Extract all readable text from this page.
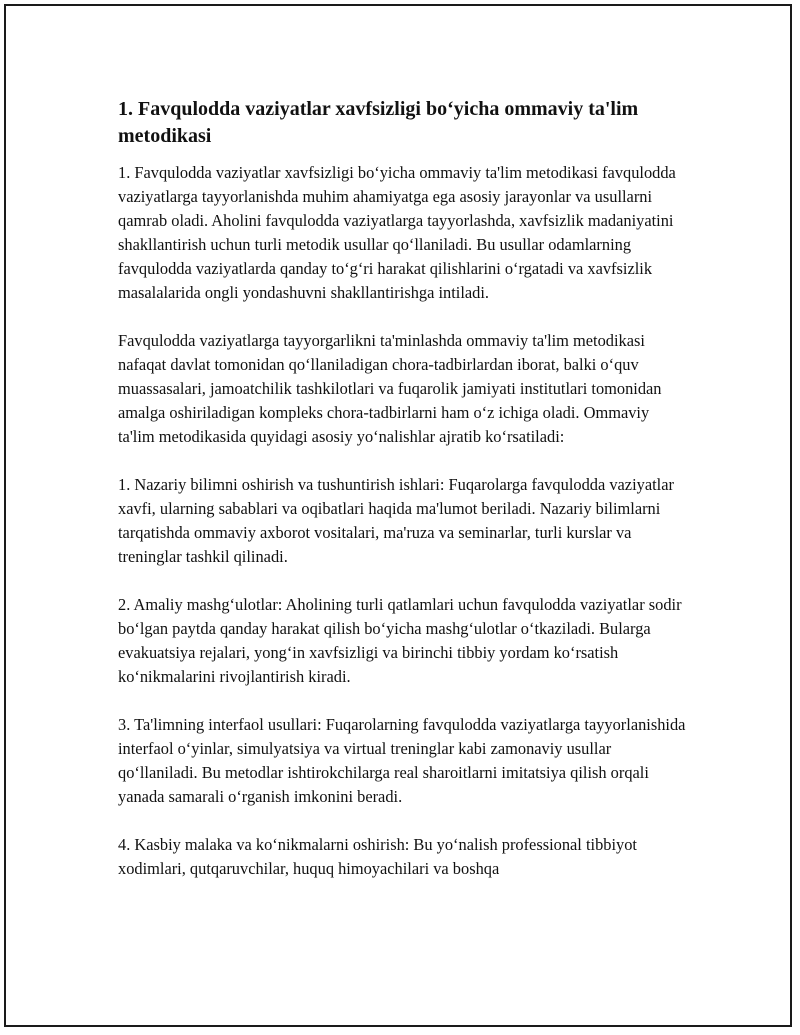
1. Favqulodda vaziyatlar xavfsizligi bo‘yicha ommaviy ta'lim metodikasi

1. Favqulodda vaziyatlar xavfsizligi bo‘yicha ommaviy ta'lim metodikasi favqulodda vaziyatlarga tayyorlanishda muhim ahamiyatga ega asosiy jarayonlar va usullarni qamrab oladi. Aholini favqulodda vaziyatlarga tayyorlashda, xavfsizlik madaniyatini shakllantirish uchun turli metodik usullar qo‘llaniladi. Bu usullar odamlarning favqulodda vaziyatlarda qanday to‘g‘ri harakat qilishlarini o‘rgatadi va xavfsizlik masalalarida ongli yondashuvni shakllantirishga intiladi.

Favqulodda vaziyatlarga tayyorgarlikni ta'minlashda ommaviy ta'lim metodikasi nafaqat davlat tomonidan qo‘llaniladigan chora-tadbirlardan iborat, balki o‘quv muassasalari, jamoatchilik tashkilotlari va fuqarolik jamiyati institutlari tomonidan amalga oshiriladigan kompleks chora-tadbirlarni ham o‘z ichiga oladi. Ommaviy ta'lim metodikasida quyidagi asosiy yo‘nalishlar ajratib ko‘rsatiladi:

1. Nazariy bilimni oshirish va tushuntirish ishlari: Fuqarolarga favqulodda vaziyatlar xavfi, ularning sabablari va oqibatlari haqida ma'lumot beriladi. Nazariy bilimlarni tarqatishda ommaviy axborot vositalari, ma'ruza va seminarlar, turli kurslar va treninglar tashkil qilinadi.

2. Amaliy mashg‘ulotlar: Aholining turli qatlamlari uchun favqulodda vaziyatlar sodir bo‘lgan paytda qanday harakat qilish bo‘yicha mashg‘ulotlar o‘tkaziladi. Bularga evakuatsiya rejalari, yong‘in xavfsizligi va birinchi tibbiy yordam ko‘rsatish ko‘nikmalarini rivojlantirish kiradi.

3. Ta'limning interfaol usullari: Fuqarolarning favqulodda vaziyatlarga tayyorlanishida interfaol o‘yinlar, simulyatsiya va virtual treninglar kabi zamonaviy usullar qo‘llaniladi. Bu metodlar ishtirokchilarga real sharoitlarni imitatsiya qilish orqali yanada samarali o‘rganish imkonini beradi.

4. Kasbiy malaka va ko‘nikmalarni oshirish: Bu yo‘nalish professional tibbiyot xodimlari, qutqaruvchilar, huquq himoyachilari va boshqa
